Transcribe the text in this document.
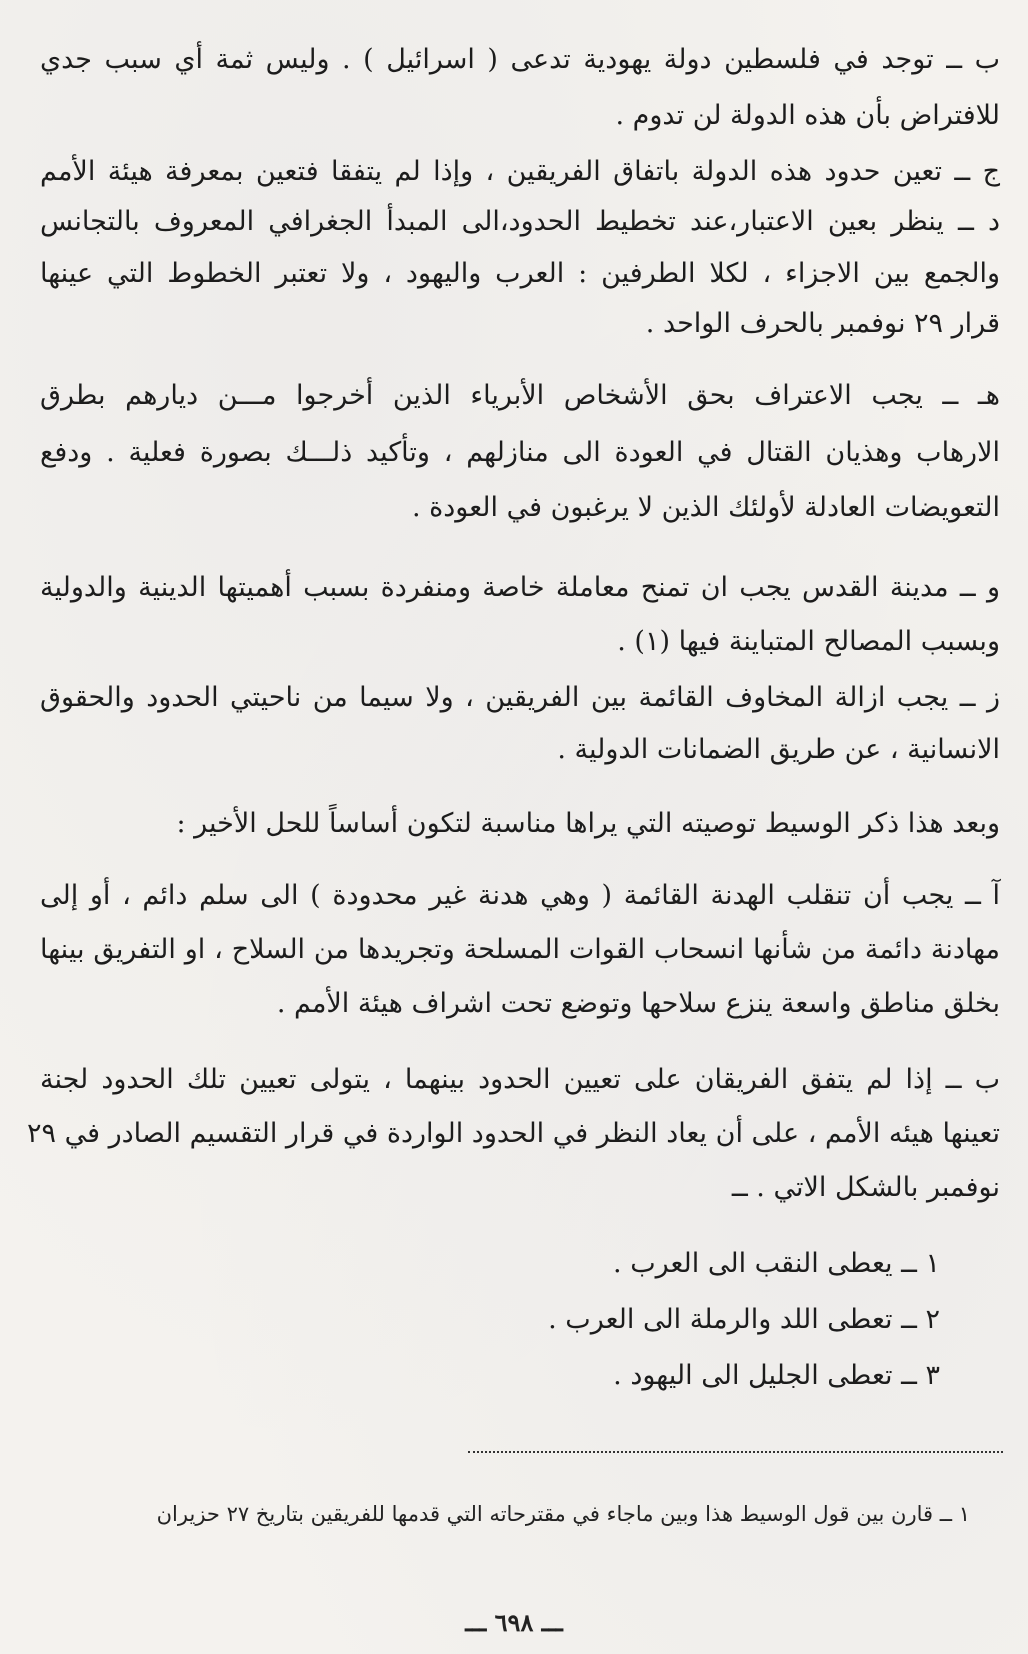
ب ــ توجد في فلسطين دولة يهودية تدعى ( اسرائيل ) . وليس ثمة أي سبب جدي
للافتراض بأن هذه الدولة لن تدوم .
ج ــ تعين حدود هذه الدولة باتفاق الفريقين ، وإذا لم يتفقا فتعين بمعرفة هيئة الأمم
د ــ ينظر بعين الاعتبار،عند تخطيط الحدود،الى المبدأ الجغرافي المعروف بالتجانس
والجمع بين الاجزاء ، لكلا الطرفين : العرب واليهود ، ولا تعتبر الخطوط التي عينها
قرار ٢٩ نوفمبر بالحرف الواحد .
هـ ــ يجب الاعتراف بحق الأشخاص الأبرياء الذين أخرجوا مـــن ديارهم بطرق
الارهاب وهذيان القتال في العودة الى منازلهم ، وتأكيد ذلـــك بصورة فعلية . ودفع
التعويضات العادلة لأولئك الذين لا يرغبون في العودة .
و ــ مدينة القدس يجب ان تمنح معاملة خاصة ومنفردة بسبب أهميتها الدينية والدولية
وبسبب المصالح المتباينة فيها (١) .
ز ــ يجب ازالة المخاوف القائمة بين الفريقين ، ولا سيما من ناحيتي الحدود والحقوق
الانسانية ، عن طريق الضمانات الدولية .
وبعد هذا ذكر الوسيط توصيته التي يراها مناسبة لتكون أساساً للحل الأخير :
آ ــ يجب أن تنقلب الهدنة القائمة ( وهي هدنة غير محدودة ) الى سلم دائم ، أو إلى
مهادنة دائمة من شأنها انسحاب القوات المسلحة وتجريدها من السلاح ، او التفريق بينها
بخلق مناطق واسعة ينزع سلاحها وتوضع تحت اشراف هيئة الأمم .
ب ــ إذا لم يتفق الفريقان على تعيين الحدود بينهما ، يتولى تعيين تلك الحدود لجنة
تعينها هيئه الأمم ، على أن يعاد النظر في الحدود الواردة في قرار التقسيم الصادر في ٢٩
نوفمبر بالشكل الاتي . ــ
١ ــ يعطى النقب الى العرب .
٢ ــ تعطى اللد والرملة الى العرب .
٣ ــ تعطى الجليل الى اليهود .
١ ــ قارن بين قول الوسيط هذا وبين ماجاء في مقترحاته التي قدمها للفريقين بتاريخ ٢٧ حزيران
ـــ ٦٩٨ ـــ
